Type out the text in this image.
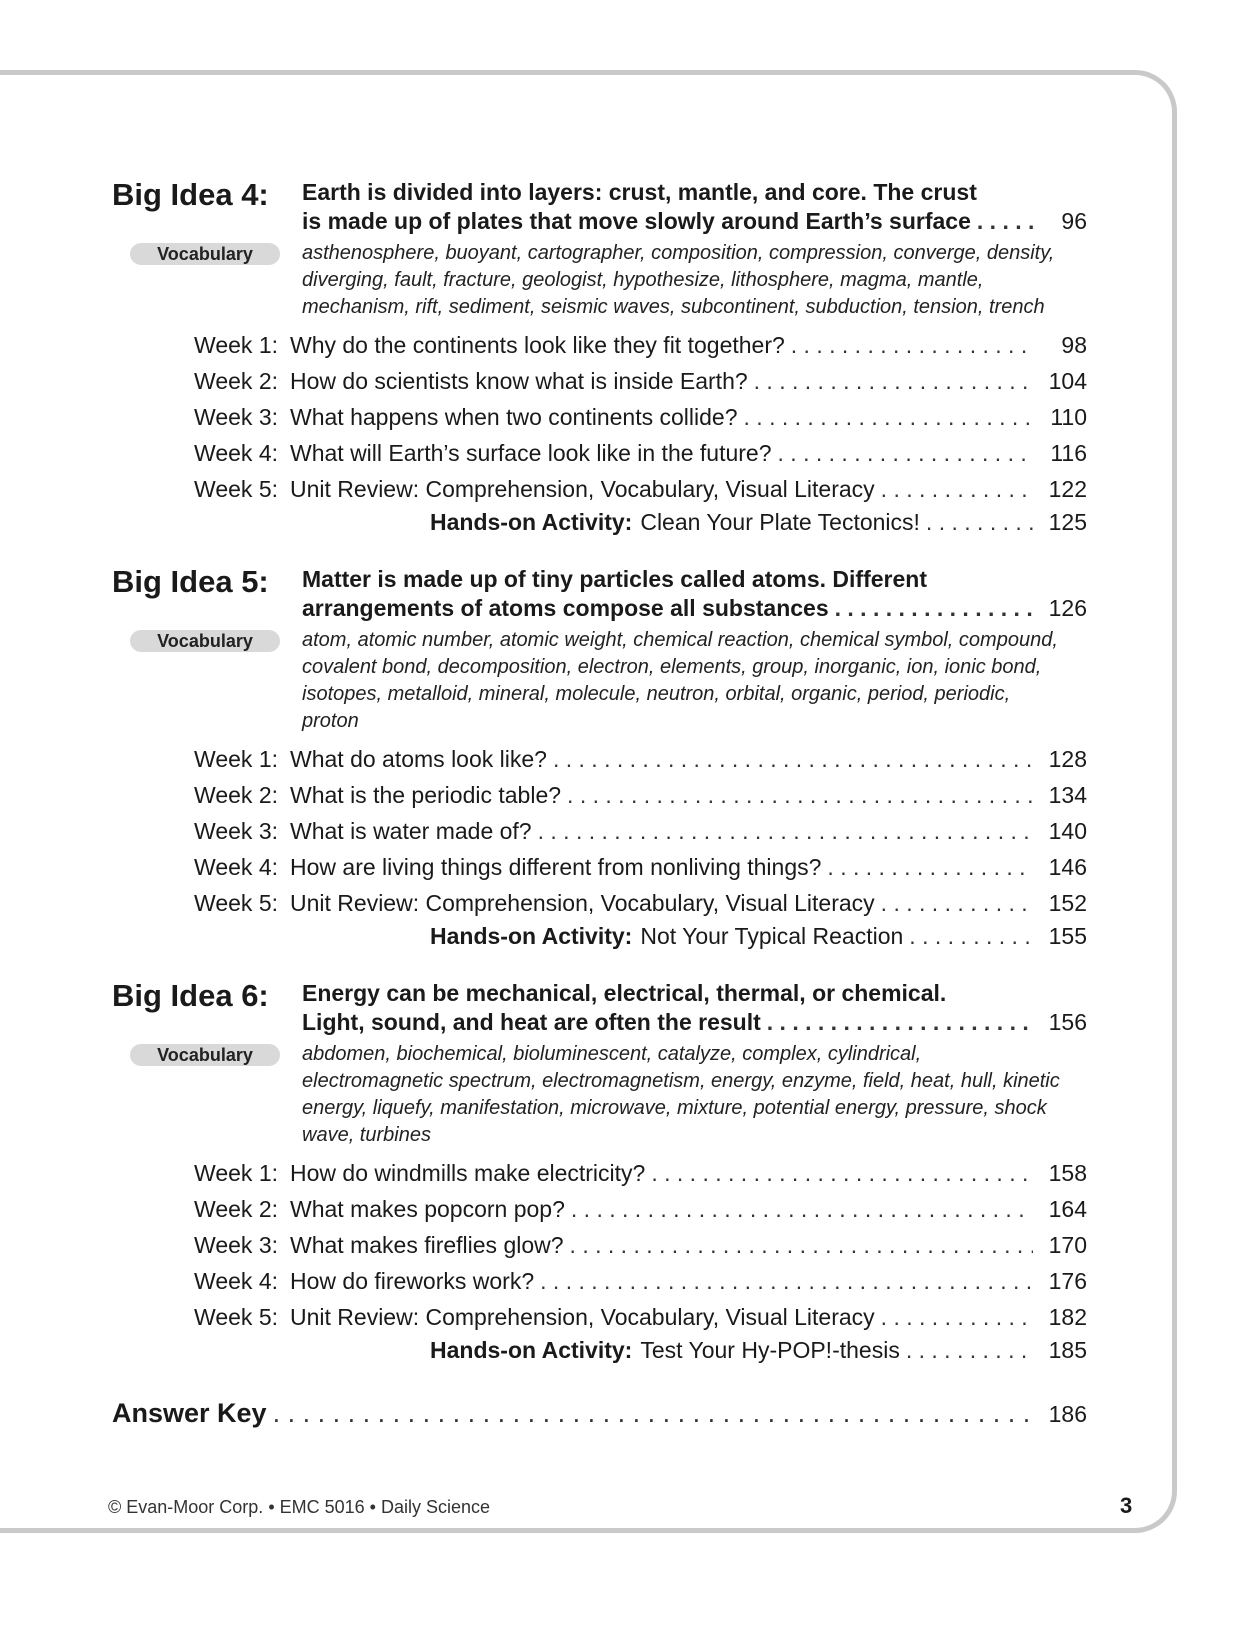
Big Idea 4: Earth is divided into layers: crust, mantle, and core. The crust
is made up of plates that move slowly around Earth’s surface . . .	96
Vocabulary	asthenosphere, buoyant, cartographer, composition, compression, converge, density, diverging, fault, fracture, geologist, hypothesize, lithosphere, magma, mantle, mechanism, rift, sediment, seismic waves, subcontinent, subduction, tension, trench
Week 1: Why do the continents look like they fit together? . . .	98
Week 2: How do scientists know what is inside Earth? . . .	104
Week 3: What happens when two continents collide? . . .	110
Week 4: What will Earth’s surface look like in the future? . . .	116
Week 5: Unit Review: Comprehension, Vocabulary, Visual Literacy . . .	122
Hands-on Activity: Clean Your Plate Tectonics! . . .	125
Big Idea 5: Matter is made up of tiny particles called atoms. Different
arrangements of atoms compose all substances . . .	126
Vocabulary	atom, atomic number, atomic weight, chemical reaction, chemical symbol, compound, covalent bond, decomposition, electron, elements, group, inorganic, ion, ionic bond, isotopes, metalloid, mineral, molecule, neutron, orbital, organic, period, periodic, proton
Week 1: What do atoms look like? . . .	128
Week 2: What is the periodic table? . . .	134
Week 3: What is water made of? . . .	140
Week 4: How are living things different from nonliving things? . . .	146
Week 5: Unit Review: Comprehension, Vocabulary, Visual Literacy . . .	152
Hands-on Activity: Not Your Typical Reaction . . .	155
Big Idea 6: Energy can be mechanical, electrical, thermal, or chemical.
Light, sound, and heat are often the result . . .	156
Vocabulary	abdomen, biochemical, bioluminescent, catalyze, complex, cylindrical, electromagnetic spectrum, electromagnetism, energy, enzyme, field, heat, hull, kinetic energy, liquefy, manifestation, microwave, mixture, potential energy, pressure, shock wave, turbines
Week 1: How do windmills make electricity? . . .	158
Week 2: What makes popcorn pop? . . .	164
Week 3: What makes fireflies glow? . . .	170
Week 4: How do fireworks work? . . .	176
Week 5: Unit Review: Comprehension, Vocabulary, Visual Literacy . . .	182
Hands-on Activity: Test Your Hy-POP!-thesis . . .	185
Answer Key . . .	186
© Evan-Moor Corp. • EMC 5016 • Daily Science	3
